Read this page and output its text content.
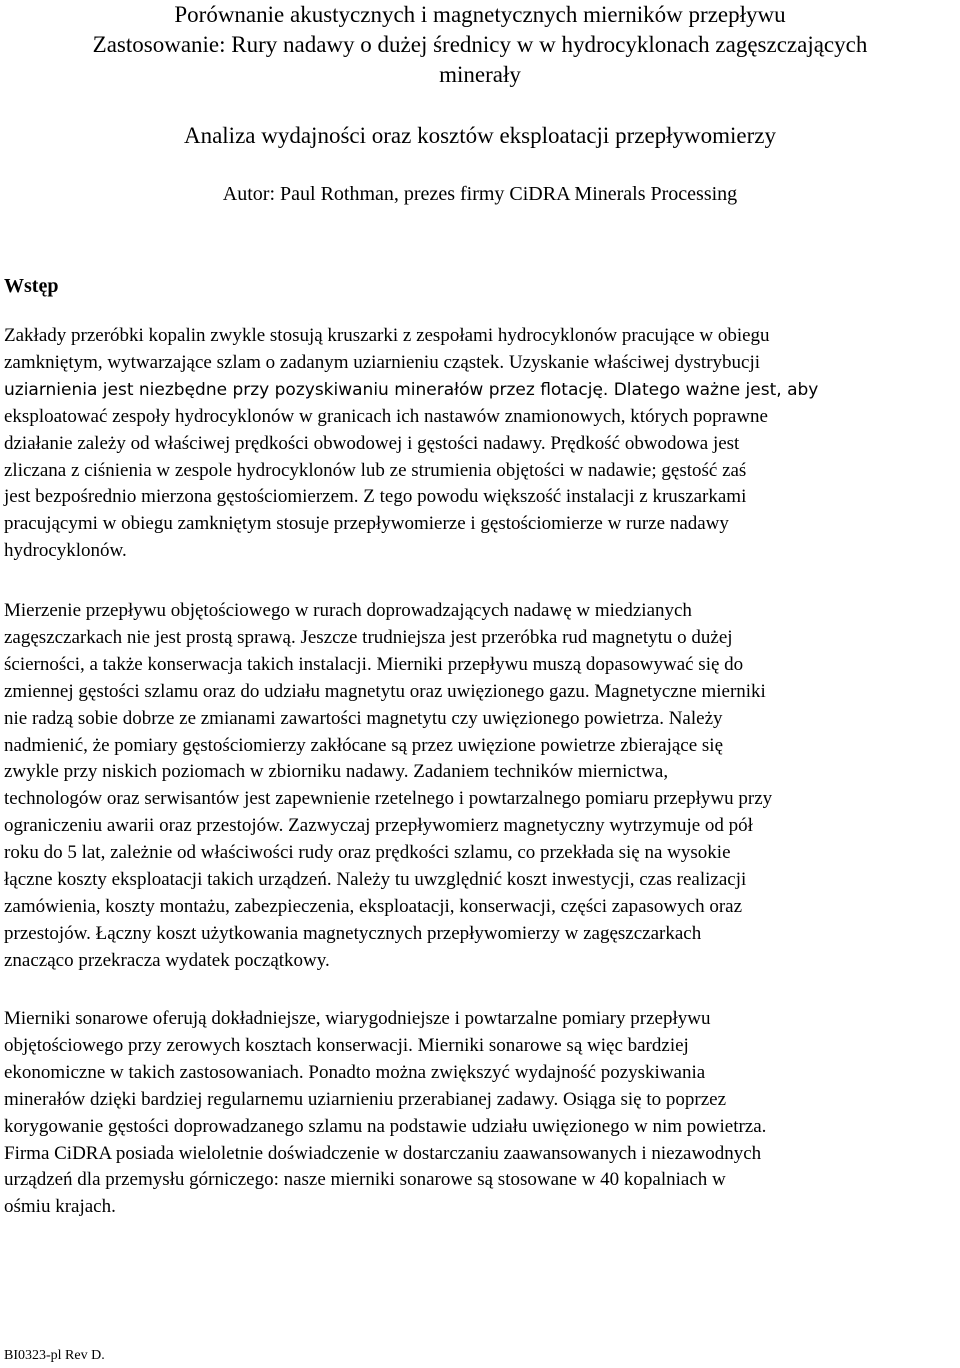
Porównanie akustycznych i magnetycznych mierników przepływu
Zastosowanie: Rury nadawy o dużej średnicy w w hydrocyklonach zagęszczających
minerały
Analiza wydajności oraz kosztów eksploatacji przepływomierzy
Autor: Paul Rothman, prezes firmy CiDRA Minerals Processing
Wstęp
Zakłady przeróbki kopalin zwykle stosują kruszarki z zespołami hydrocyklonów pracujące w obiegu
zamkniętym, wytwarzające szlam o zadanym uziarnieniu cząstek. Uzyskanie właściwej dystrybucji
uziarnienia jest niezbędne przy pozyskiwaniu minerałów przez flotację. Dlatego ważne jest, aby
eksploatować zespoły hydrocyklonów w granicach ich nastawów znamionowych, których poprawne
działanie zależy od właściwej prędkości obwodowej i gęstości nadawy. Prędkość obwodowa jest
zliczana z ciśnienia w zespole hydrocyklonów lub ze strumienia objętości w nadawie; gęstość zaś
jest bezpośrednio mierzona gęstościomierzem. Z tego powodu większość instalacji z kruszarkami
pracującymi w obiegu zamkniętym stosuje przepływomierze i gęstościomierze w rurze nadawy
hydrocyklonów.
Mierzenie przepływu objętościowego w rurach doprowadzających nadawę w miedzianych
zagęszczarkach nie jest prostą sprawą. Jeszcze trudniejsza jest przeróbka rud magnetytu o dużej
ścierności, a także konserwacja takich instalacji. Mierniki przepływu muszą dopasowywać się do
zmiennej gęstości szlamu oraz do udziału magnetytu oraz uwięzionego gazu. Magnetyczne mierniki
nie radzą sobie dobrze ze zmianami zawartości magnetytu czy uwięzionego powietrza. Należy
nadmienić, że pomiary gęstościomierzy zakłócane są przez uwięzione powietrze zbierające się
zwykle przy niskich poziomach w zbiorniku nadawy. Zadaniem techników miernictwa,
technologów oraz serwisantów jest zapewnienie rzetelnego i powtarzalnego pomiaru przepływu przy
ograniczeniu awarii oraz przestojów. Zazwyczaj przepływomierz magnetyczny wytrzymuje od pół
roku do 5 lat, zależnie od właściwości rudy oraz prędkości szlamu, co przekłada się na wysokie
łączne koszty eksploatacji takich urządzeń. Należy tu uwzględnić koszt inwestycji, czas realizacji
zamówienia, koszty montażu, zabezpieczenia, eksploatacji, konserwacji, części zapasowych oraz
przestojów. Łączny koszt użytkowania magnetycznych przepływomierzy w zagęszczarkach
znacząco przekracza wydatek początkowy.
Mierniki sonarowe oferują dokładniejsze, wiarygodniejsze i powtarzalne pomiary przepływu
objętościowego przy zerowych kosztach konserwacji. Mierniki sonarowe są więc bardziej
ekonomiczne w takich zastosowaniach. Ponadto można zwiększyć wydajność pozyskiwania
minerałów dzięki bardziej regularnemu uziarnieniu przerabianej zadawy. Osiąga się to poprzez
korygowanie gęstości doprowadzanego szlamu na podstawie udziału uwięzionego w nim powietrza.
Firma CiDRA posiada wieloletnie doświadczenie w dostarczaniu zaawansowanych i niezawodnych
urządzeń dla przemysłu górniczego: nasze mierniki sonarowe są stosowane w 40 kopalniach w
ośmiu krajach.
BI0323-pl Rev D.
